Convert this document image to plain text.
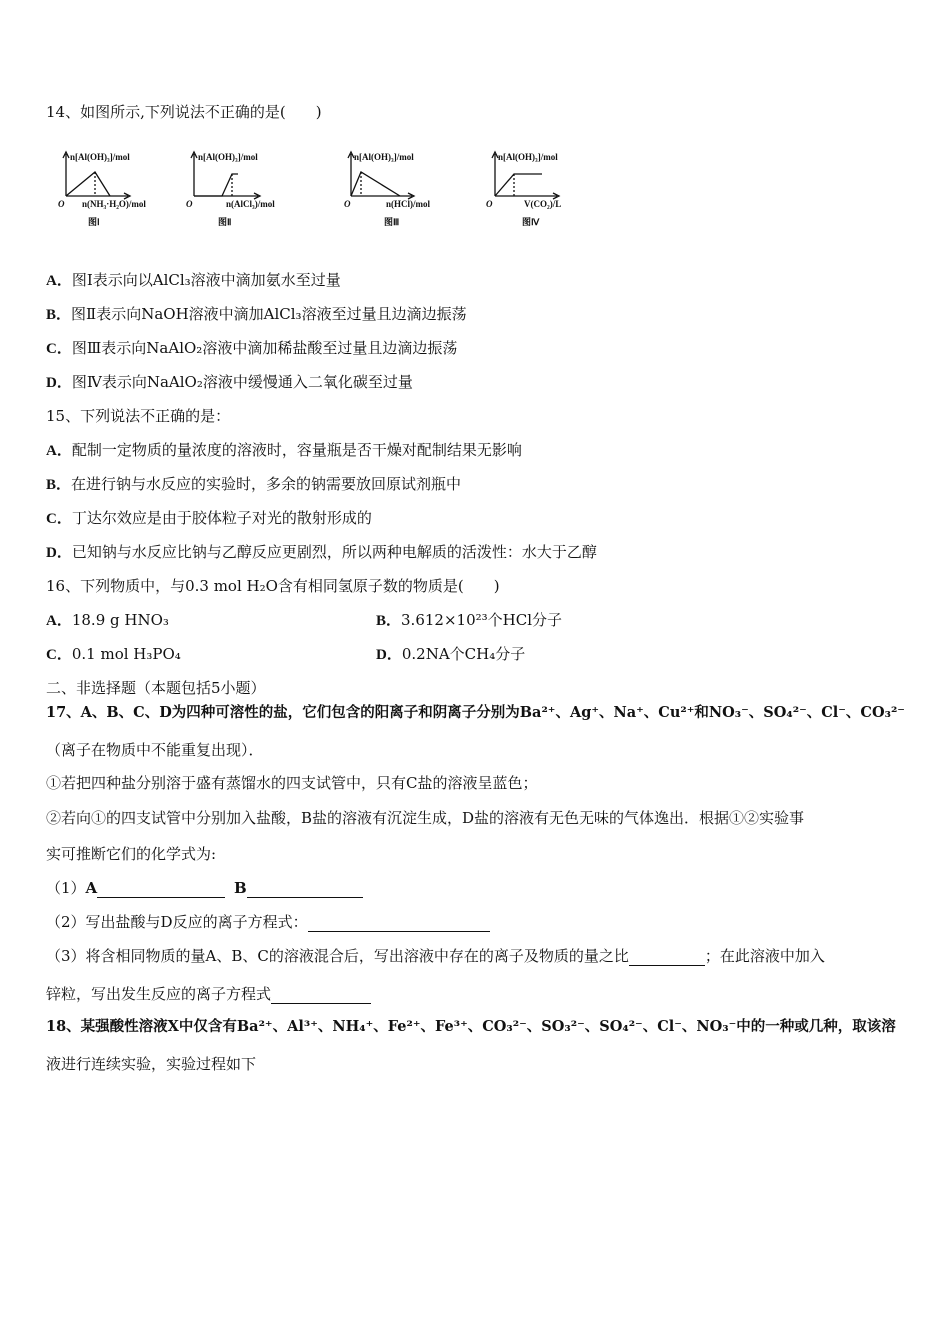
14、如图所示,下列说法不正确的是(　　)
n[Al(OH)₃]/mol
O n(NH₃·H₂O)/mol
图Ⅰ
n[Al(OH)₃]/mol
O	n(AlCl₃)/mol
图Ⅱ
n[Al(OH)₃]/mol
O	n(HCl)/mol
图Ⅲ
n[Al(OH)₃]/mol
O	V(CO₂)/L
图Ⅳ
A．图Ⅰ表示向以AlCl₃溶液中滴加氨水至过量
B．图Ⅱ表示向NaOH溶液中滴加AlCl₃溶液至过量且边滴边振荡
C．图Ⅲ表示向NaAlO₂溶液中滴加稀盐酸至过量且边滴边振荡
D．图Ⅳ表示向NaAlO₂溶液中缓慢通入二氧化碳至过量
15、下列说法不正确的是：
A．配制一定物质的量浓度的溶液时，容量瓶是否干燥对配制结果无影响
B．在进行钠与水反应的实验时，多余的钠需要放回原试剂瓶中
C．丁达尔效应是由于胶体粒子对光的散射形成的
D．已知钠与水反应比钠与乙醇反应更剧烈，所以两种电解质的活泼性：水大于乙醇
16、下列物质中，与0.3 mol H₂O含有相同氢原子数的物质是(　　)
A．18.9 g HNO₃	B．3.612×10²³个HCl分子
C．0.1 mol H₃PO₄	D．0.2NA个CH₄分子
二、非选择题（本题包括5小题）
17、A、B、C、D为四种可溶性的盐，它们包含的阳离子和阴离子分别为Ba²⁺、Ag⁺、Na⁺、Cu²⁺和NO₃⁻、SO₄²⁻、Cl⁻、CO₃²⁻
（离子在物质中不能重复出现）．
①若把四种盐分别溶于盛有蒸馏水的四支试管中，只有C盐的溶液呈蓝色；
②若向①的四支试管中分别加入盐酸，B盐的溶液有沉淀生成，D盐的溶液有无色无味的气体逸出．根据①②实验事
实可推断它们的化学式为:
（1）A	B
（2）写出盐酸与D反应的离子方程式：
（3）将含相同物质的量A、B、C的溶液混合后，写出溶液中存在的离子及物质的量之比	；在此溶液中加入
锌粒，写出发生反应的离子方程式
18、某强酸性溶液X中仅含有Ba²⁺、Al³⁺、NH₄⁺、Fe²⁺、Fe³⁺、CO₃²⁻、SO₃²⁻、SO₄²⁻、Cl⁻、NO₃⁻中的一种或几种，取该溶
液进行连续实验，实验过程如下
